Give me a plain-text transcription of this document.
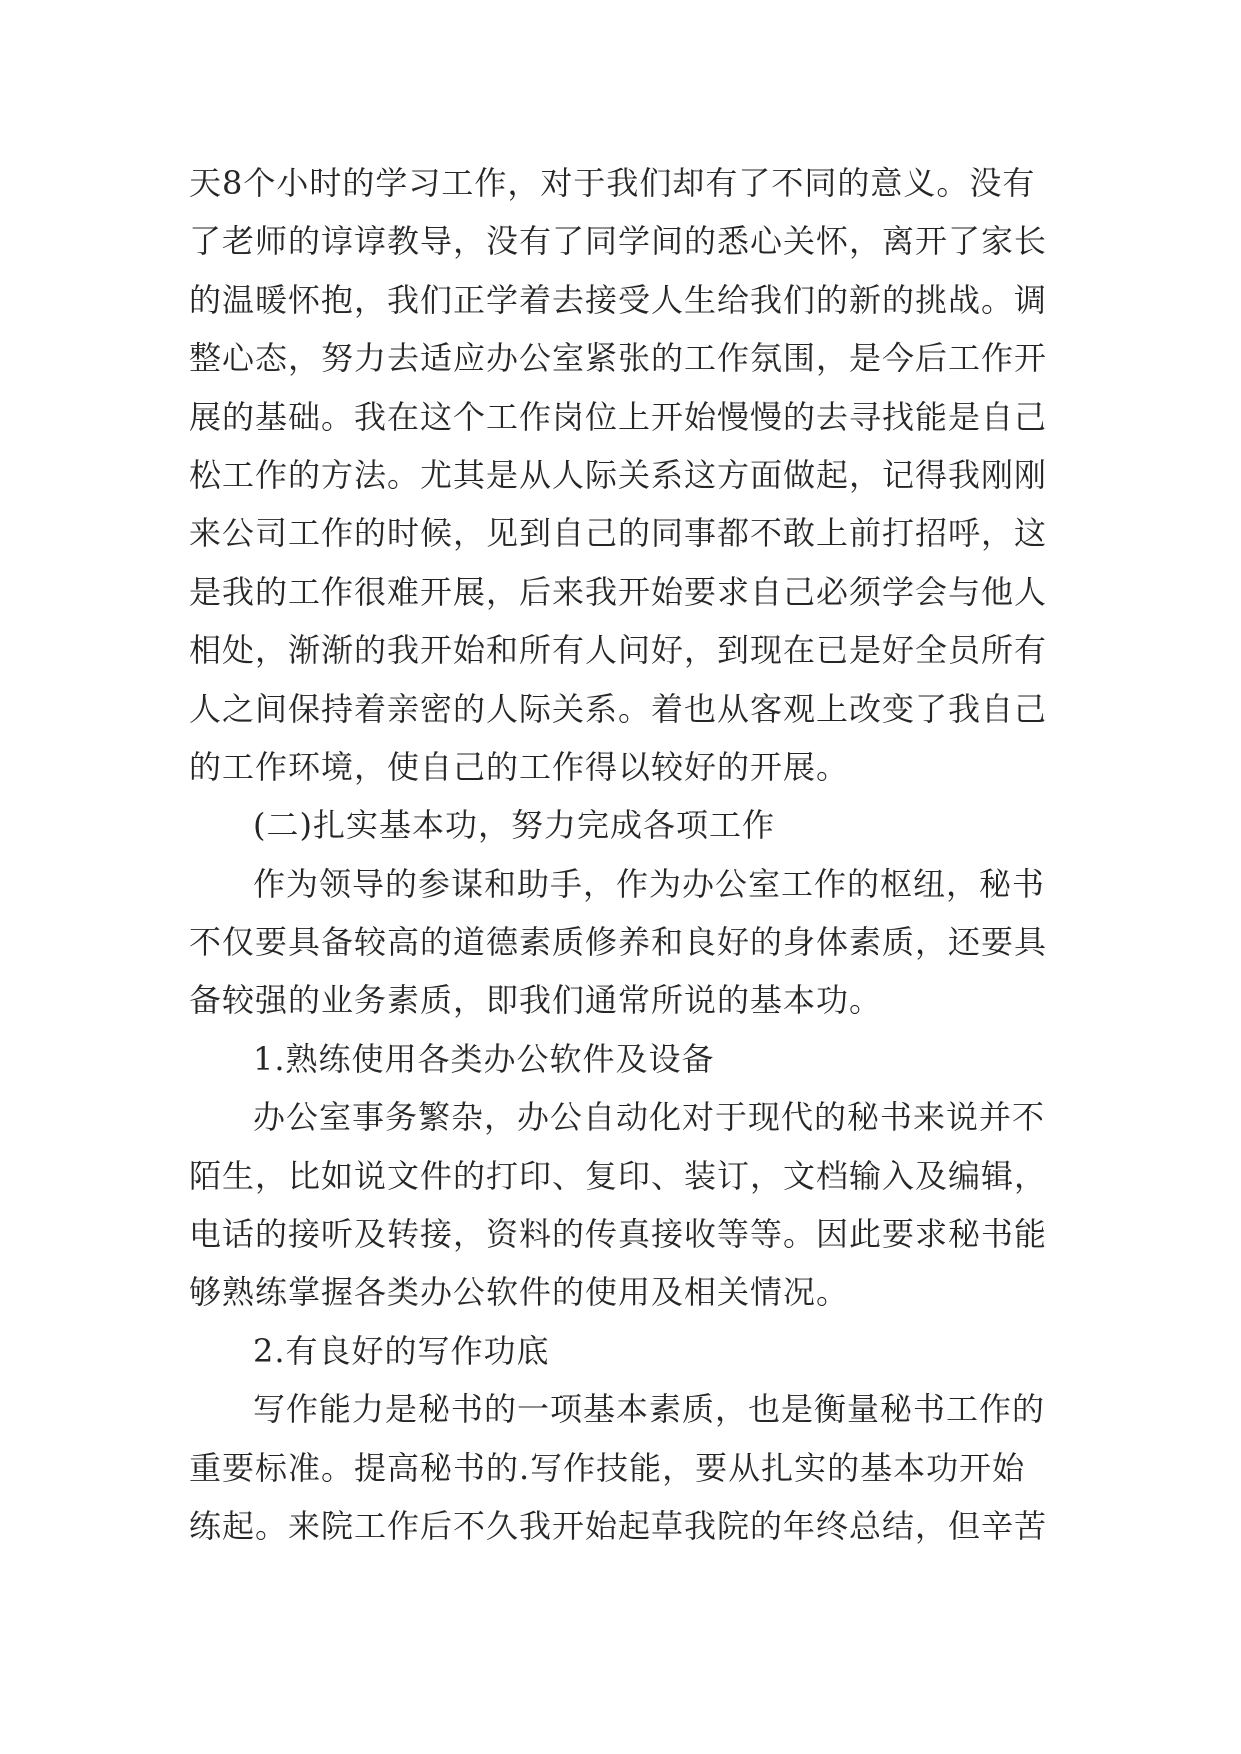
天8个小时的学习工作，对于我们却有了不同的意义。没有
了老师的谆谆教导，没有了同学间的悉心关怀，离开了家长
的温暖怀抱，我们正学着去接受人生给我们的新的挑战。调
整心态，努力去适应办公室紧张的工作氛围，是今后工作开
展的基础。我在这个工作岗位上开始慢慢的去寻找能是自己
松工作的方法。尤其是从人际关系这方面做起，记得我刚刚
来公司工作的时候，见到自己的同事都不敢上前打招呼，这
是我的工作很难开展，后来我开始要求自己必须学会与他人
相处，渐渐的我开始和所有人问好，到现在已是好全员所有
人之间保持着亲密的人际关系。着也从客观上改变了我自己
的工作环境，使自己的工作得以较好的开展。
(二)扎实基本功，努力完成各项工作
作为领导的参谋和助手，作为办公室工作的枢纽，秘书
不仅要具备较高的道德素质修养和良好的身体素质，还要具
备较强的业务素质，即我们通常所说的基本功。
1.熟练使用各类办公软件及设备
办公室事务繁杂，办公自动化对于现代的秘书来说并不
陌生，比如说文件的打印、复印、装订，文档输入及编辑，
电话的接听及转接，资料的传真接收等等。因此要求秘书能
够熟练掌握各类办公软件的使用及相关情况。
2.有良好的写作功底
写作能力是秘书的一项基本素质，也是衡量秘书工作的
重要标准。提高秘书的.写作技能，要从扎实的基本功开始
练起。来院工作后不久我开始起草我院的年终总结，但辛苦
